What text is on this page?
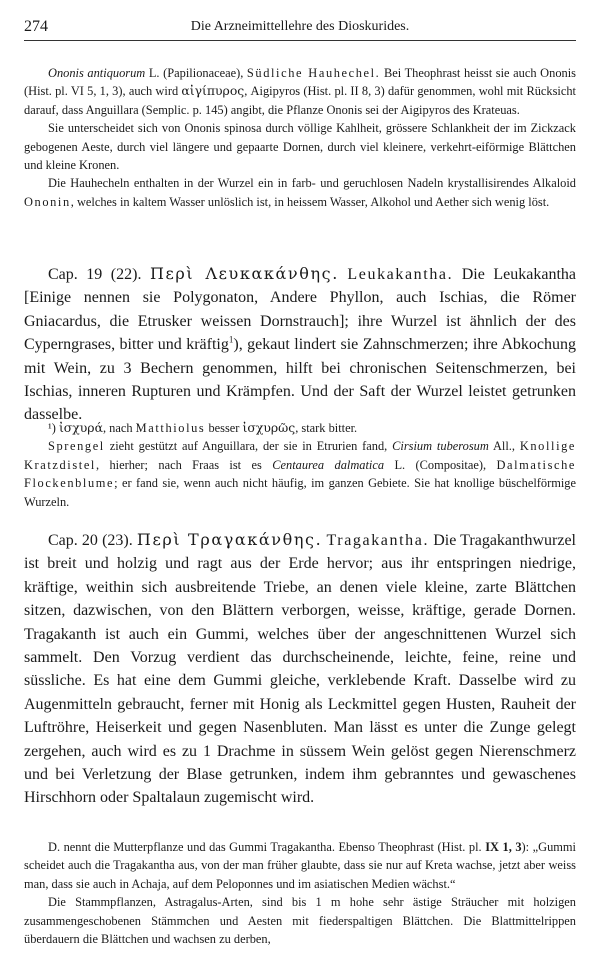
274	Die Arzneimittellehre des Dioskurides.

Ononis antiquorum L. (Papilionaceae), Südliche Hauhechel. Bei Theophrast heisst sie auch Ononis (Hist. pl. VI 5, 1, 3), auch wird αἰγίπυρος, Aigipyros (Hist. pl. II 8, 3) dafür genommen, wohl mit Rücksicht darauf, dass Anguillara (Semplic. p. 145) angibt, die Pflanze Ononis sei der Aigipyros des Krateuas.

Sie unterscheidet sich von Ononis spinosa durch völlige Kahlheit, grössere Schlankheit der im Zickzack gebogenen Aeste, durch viel längere und gepaarte Dornen, durch viel kleinere, verkehrt-eiförmige Blättchen und kleine Kronen.

Die Hauhecheln enthalten in der Wurzel ein in farb- und geruchlosen Nadeln krystallisirendes Alkaloid Ononin, welches in kaltem Wasser unlöslich ist, in heissem Wasser, Alkohol und Aether sich wenig löst.

Cap. 19 (22). Περὶ Λευκακάνθης. Leukakantha. Die Leukakantha [Einige nennen sie Polygonaton, Andere Phyllon, auch Ischias, die Römer Gniacardus, die Etrusker weissen Dornstrauch]; ihre Wurzel ist ähnlich der des Cyperngrases, bitter und kräftig$^1$), gekaut lindert sie Zahnschmerzen; ihre Abkochung mit Wein, zu 3 Bechern genommen, hilft bei chronischen Seitenschmerzen, bei Ischias, inneren Rupturen und Krämpfen. Und der Saft der Wurzel leistet getrunken dasselbe.

¹) ἰσχυρά, nach Matthiolus besser ἰσχυρῶς, stark bitter.

Sprengel zieht gestützt auf Anguillara, der sie in Etrurien fand, Cirsium tuberosum All., Knollige Kratzdistel, hierher; nach Fraas ist es Centaurea dalmatica L. (Compositae), Dalmatische Flockenblume; er fand sie, wenn auch nicht häufig, im ganzen Gebiete. Sie hat knollige büschelförmige Wurzeln.

Cap. 20 (23). Περὶ Τραγακάνθης. Tragakantha. Die Tragakanthwurzel ist breit und holzig und ragt aus der Erde hervor; aus ihr entspringen niedrige, kräftige, weithin sich ausbreitende Triebe, an denen viele kleine, zarte Blättchen sitzen, dazwischen, von den Blättern verborgen, weisse, kräftige, gerade Dornen. Tragakanth ist auch ein Gummi, welches über der angeschnittenen Wurzel sich sammelt. Den Vorzug verdient das durchscheinende, leichte, feine, reine und süssliche. Es hat eine dem Gummi gleiche, verklebende Kraft. Dasselbe wird zu Augenmitteln gebraucht, ferner mit Honig als Leckmittel gegen Husten, Rauheit der Luftröhre, Heiserkeit und gegen Nasenbluten. Man lässt es unter die Zunge gelegt zergehen, auch wird es zu 1 Drachme in süssem Wein gelöst gegen Nierenschmerz und bei Verletzung der Blase getrunken, indem ihm gebranntes und gewaschenes Hirschhorn oder Spaltalaun zugemischt wird.

D. nennt die Mutterpflanze und das Gummi Tragakantha. Ebenso Theophrast (Hist. pl. IX 1, 3): „Gummi scheidet auch die Tragakantha aus, von der man früher glaubte, dass sie nur auf Kreta wachse, jetzt aber weiss man, dass sie auch in Achaja, auf dem Peloponnes und im asiatischen Medien wächst.“

Die Stammpflanzen, Astragalus-Arten, sind bis 1 m hohe sehr ästige Sträucher mit holzigen zusammengeschobenen Stämmchen und Aesten mit fiederspaltigen Blättchen. Die Blattmittelrippen überdauern die Blättchen und wachsen zu derben,
